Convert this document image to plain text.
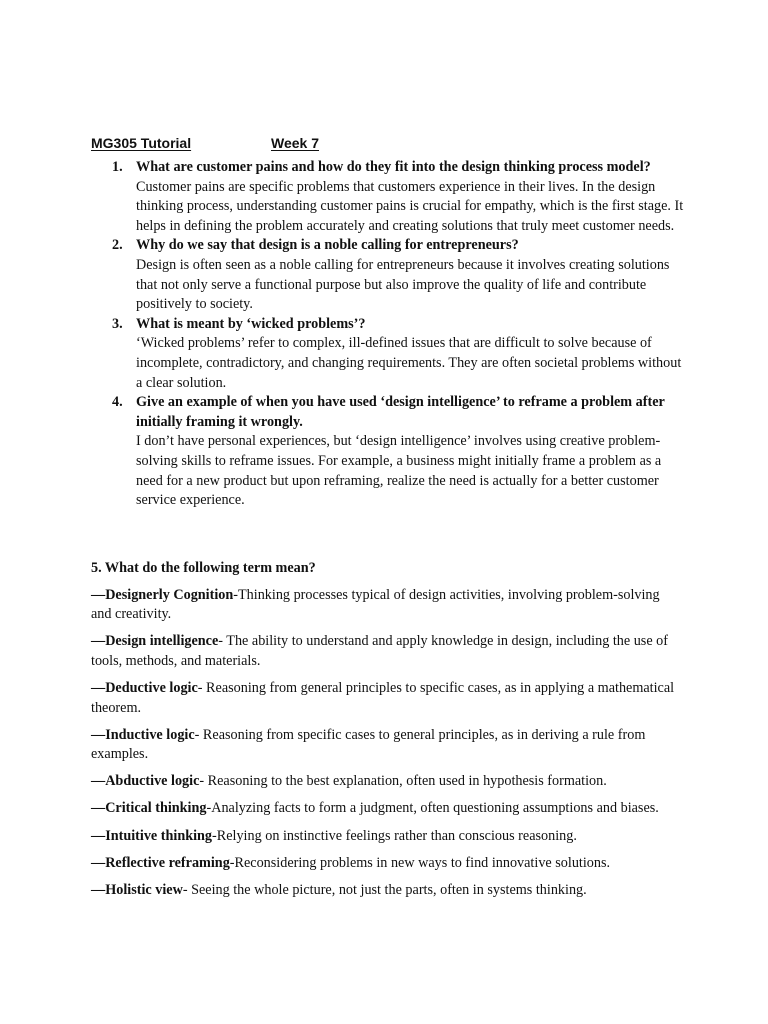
MG305 Tutorial	Week 7
1. What are customer pains and how do they fit into the design thinking process model?
Customer pains are specific problems that customers experience in their lives. In the design thinking process, understanding customer pains is crucial for empathy, which is the first stage. It helps in defining the problem accurately and creating solutions that truly meet customer needs.
2. Why do we say that design is a noble calling for entrepreneurs?
Design is often seen as a noble calling for entrepreneurs because it involves creating solutions that not only serve a functional purpose but also improve the quality of life and contribute positively to society.
3. What is meant by ‘wicked problems’?
‘Wicked problems’ refer to complex, ill-defined issues that are difficult to solve because of incomplete, contradictory, and changing requirements. They are often societal problems without a clear solution.
4. Give an example of when you have used ‘design intelligence’ to reframe a problem after initially framing it wrongly.
I don’t have personal experiences, but ‘design intelligence’ involves using creative problem-solving skills to reframe issues. For example, a business might initially frame a problem as a need for a new product but upon reframing, realize the need is actually for a better customer service experience.
5. What do the following term mean?

—Designerly Cognition-Thinking processes typical of design activities, involving problem-solving and creativity.

—Design intelligence- The ability to understand and apply knowledge in design, including the use of tools, methods, and materials.

—Deductive logic- Reasoning from general principles to specific cases, as in applying a mathematical theorem.

—Inductive logic- Reasoning from specific cases to general principles, as in deriving a rule from examples.

—Abductive logic- Reasoning to the best explanation, often used in hypothesis formation.

—Critical thinking-Analyzing facts to form a judgment, often questioning assumptions and biases.

—Intuitive thinking-Relying on instinctive feelings rather than conscious reasoning.

—Reflective reframing-Reconsidering problems in new ways to find innovative solutions.

—Holistic view- Seeing the whole picture, not just the parts, often in systems thinking.
